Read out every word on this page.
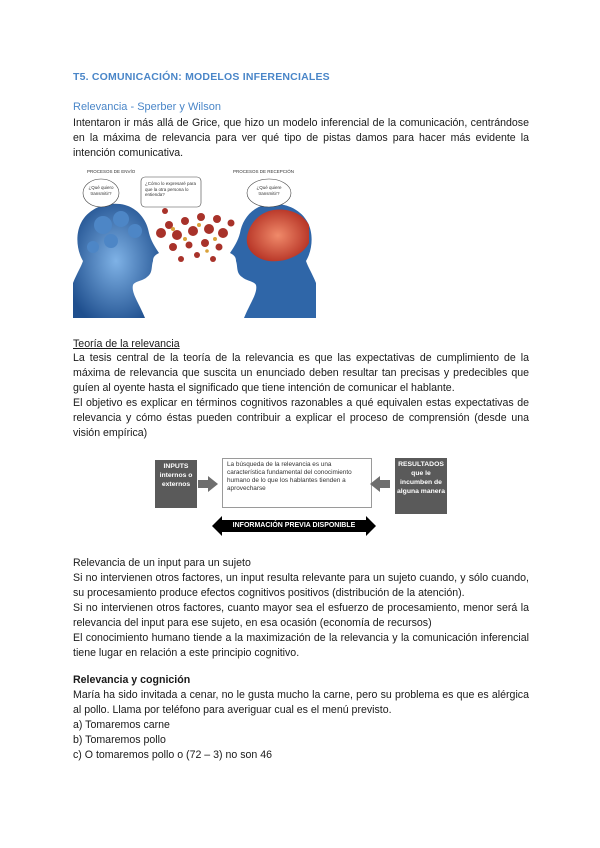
T5. COMUNICACIÓN: MODELOS INFERENCIALES
Relevancia - Sperber y Wilson

Intentaron ir más allá de Grice, que hizo un modelo inferencial de la comunicación, centrándose en la máxima de relevancia para ver qué tipo de pistas damos para hacer más evidente la intención comunicativa.

PROCESOS DE ENVÍO	PROCESOS DE RECEPCIÓN
¿Qué quiero transmitir?
¿Cómo lo expresaré para que la otra persona lo entienda?
¿Qué quiere transmitir?
Teoría de la relevancia

La tesis central de la teoría de la relevancia es que las expectativas de cumplimiento de la máxima de relevancia que suscita un enunciado deben resultar tan precisas y predecibles que guíen al oyente hasta el significado que tiene intención de comunicar el hablante.

El objetivo es explicar en términos cognitivos razonables a qué equivalen estas expectativas de relevancia y cómo éstas pueden contribuir a explicar el proceso de comprensión (desde una visión empírica)

INPUTS internos o externos
La búsqueda de la relevancia es una característica fundamental del conocimiento humano de lo que los hablantes tienden a aprovecharse
RESULTADOS que le incumben de alguna manera
INFORMACIÓN PREVIA DISPONIBLE

Relevancia de un input para un sujeto

Si no intervienen otros factores, un input resulta relevante para un sujeto cuando, y sólo cuando, su procesamiento produce efectos cognitivos positivos (distribución de la atención).

Si no intervienen otros factores, cuanto mayor sea el esfuerzo de procesamiento, menor será la relevancia del input para ese sujeto, en esa ocasión (economía de recursos)

El conocimiento humano tiende a la maximización de la relevancia y la comunicación inferencial tiene lugar en relación a este principio cognitivo.

Relevancia y cognición

María ha sido invitada a cenar, no le gusta mucho la carne, pero su problema es que es alérgica al pollo. Llama por teléfono para averiguar cual es el menú previsto.

a) Tomaremos carne

b) Tomaremos pollo

c) O tomaremos pollo o (72 – 3) no son 46
